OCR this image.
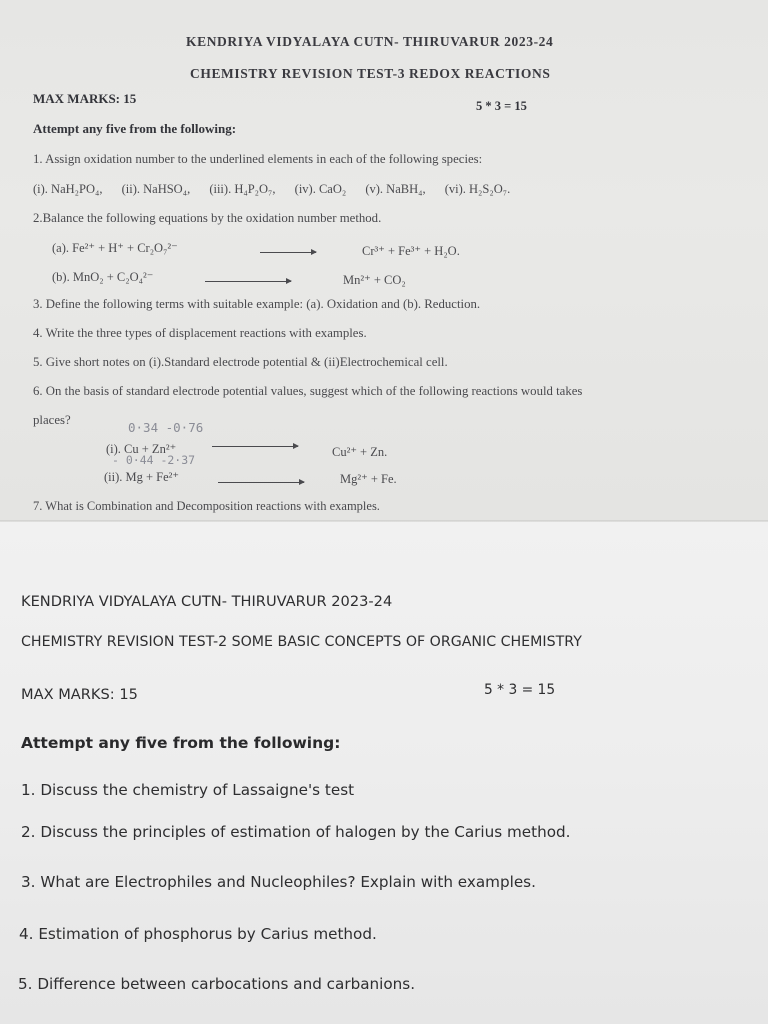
KENDRIYA VIDYALAYA CUTN- THIRUVARUR 2023-24
CHEMISTRY REVISION TEST-3 REDOX REACTIONS
MAX MARKS: 15	5 * 3 = 15
Attempt any five from the following:
1. Assign oxidation number to the underlined elements in each of the following species:
(i). NaH₂PO₄, (ii). NaHSO₄, (iii). H₄P₂O₇, (iv). CaO₂ (v). NaBH₄, (vi). H₂S₂O₇.
2.Balance the following equations by the oxidation number method.
(a). Fe²⁺ + H⁺ + Cr₂O₇²⁻	Cr³⁺ + Fe³⁺ + H₂O.
(b). MnO₂ + C₂O₄²⁻	Mn²⁺ + CO₂
3. Define the following terms with suitable example: (a). Oxidation and (b). Reduction.
4. Write the three types of displacement reactions with examples.
5. Give short notes on (i).Standard electrode potential & (ii)Electrochemical cell.
6. On the basis of standard electrode potential values, suggest which of the following reactions would takes
places?	0·34 -0·76
(i). Cu + Zn²⁺	Cu²⁺ + Zn.
- 0·44 -2·37
(ii). Mg + Fe²⁺	Mg²⁺ + Fe.
7. What is Combination and Decomposition reactions with examples.
KENDRIYA VIDYALAYA CUTN- THIRUVARUR 2023-24
CHEMISTRY REVISION TEST-2 SOME BASIC CONCEPTS OF ORGANIC CHEMISTRY
MAX MARKS: 15	5 * 3 = 15
Attempt any five from the following:
1. Discuss the chemistry of Lassaigne's test
2. Discuss the principles of estimation of halogen by the Carius method.
3. What are Electrophiles and Nucleophiles? Explain with examples.
4. Estimation of phosphorus by Carius method.
5. Difference between carbocations and carbanions.
